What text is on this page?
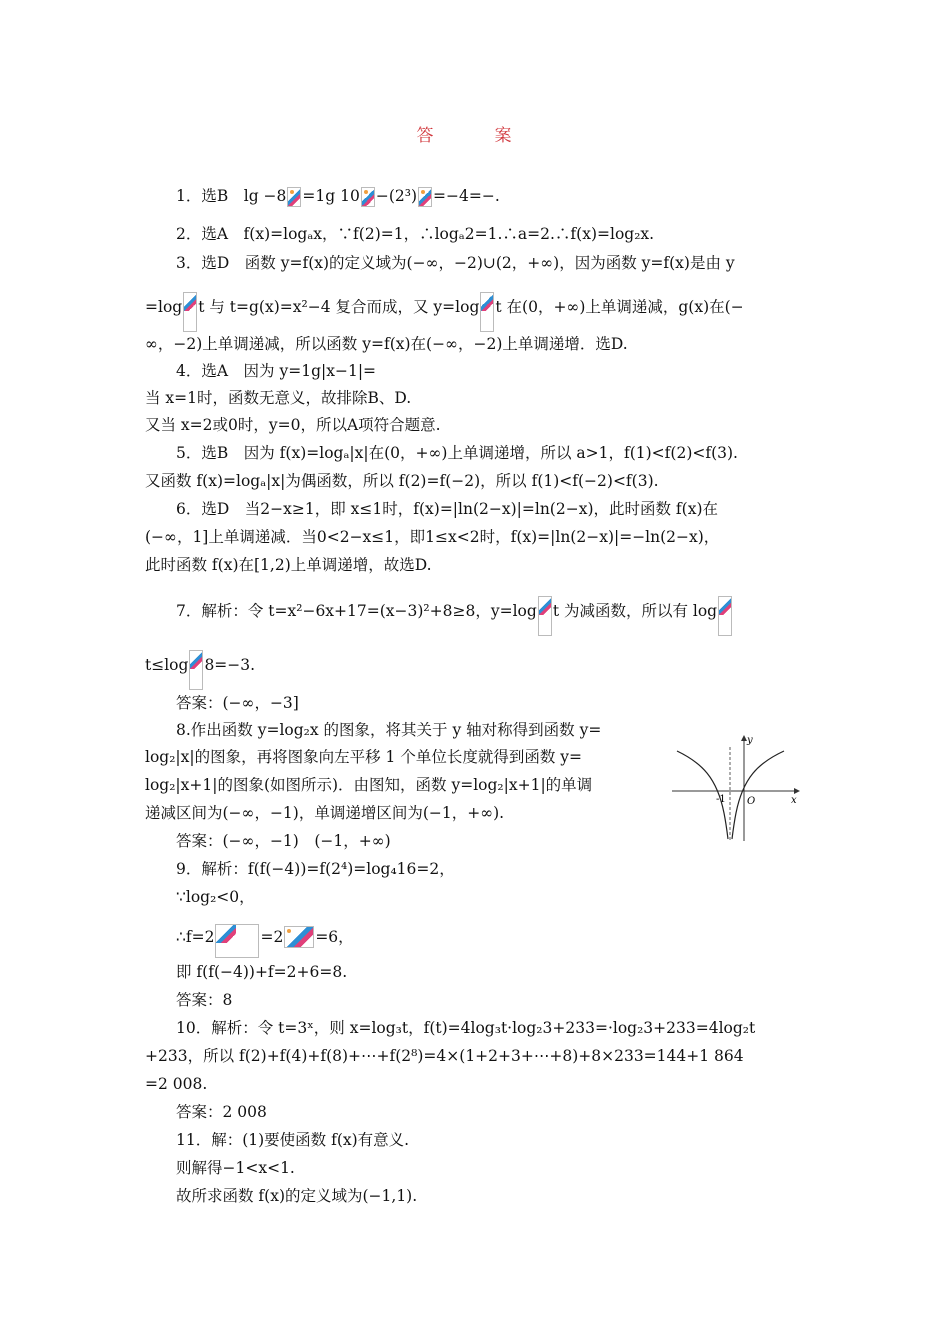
答　案
1．选B　lg −8 =1g 10 −(2³) =−4=−.
2．选A　f(x)=logₐx，∵f(2)=1，∴logₐ2=1.∴a=2.∴f(x)=log₂x.
3．选D　函数 y=f(x)的定义域为(−∞，−2)∪(2，+∞)，因为函数 y=f(x)是由 y
=log t 与 t=g(x)=x²−4 复合而成，又 y=log t 在(0，+∞)上单调递减，g(x)在(−
∞，−2)上单调递减，所以函数 y=f(x)在(−∞，−2)上单调递增．选D.
4．选A　因为 y=1g|x−1|=
当 x=1时，函数无意义，故排除B、D.
又当 x=2或0时，y=0，所以A项符合题意.
5．选B　因为 f(x)=logₐ|x|在(0，+∞)上单调递增，所以 a>1，f(1)<f(2)<f(3).
又函数 f(x)=logₐ|x|为偶函数，所以 f(2)=f(−2)，所以 f(1)<f(−2)<f(3).
6．选D　当2−x≥1，即 x≤1时，f(x)=|ln(2−x)|=ln(2−x)，此时函数 f(x)在
(−∞，1]上单调递减．当0<2−x≤1，即1≤x<2时，f(x)=|ln(2−x)|=−ln(2−x)，
此时函数 f(x)在[1,2)上单调递增，故选D.
7．解析：令 t=x²−6x+17=(x−3)²+8≥8，y=log t 为减函数，所以有 log
t≤log 8=−3.
答案：(−∞，−3]
8.作出函数 y=log₂x 的图象，将其关于 y 轴对称得到函数 y=
log₂|x|的图象，再将图象向左平移 1 个单位长度就得到函数 y=
log₂|x+1|的图象(如图所示)．由图知，函数 y=log₂|x+1|的单调
递减区间为(−∞，−1)，单调递增区间为(−1，+∞).
答案：(−∞，−1)　(−1，+∞)
9．解析：f(f(−4))=f(2⁴)=log₄16=2，
∵log₂<0，
∴f=2	=2 =6，
即 f(f(−4))+f=2+6=8.
答案：8
10．解析：令 t=3ˣ，则 x=log₃t，f(t)=4log₃t·log₂3+233=·log₂3+233=4log₂t
+233，所以 f(2)+f(4)+f(8)+⋯+f(2⁸)=4×(1+2+3+⋯+8)+8×233=144+1 864
=2 008.
答案：2 008
11．解：(1)要使函数 f(x)有意义.
则解得−1<x<1.
故所求函数 f(x)的定义域为(−1,1).
y
x
-1 O
